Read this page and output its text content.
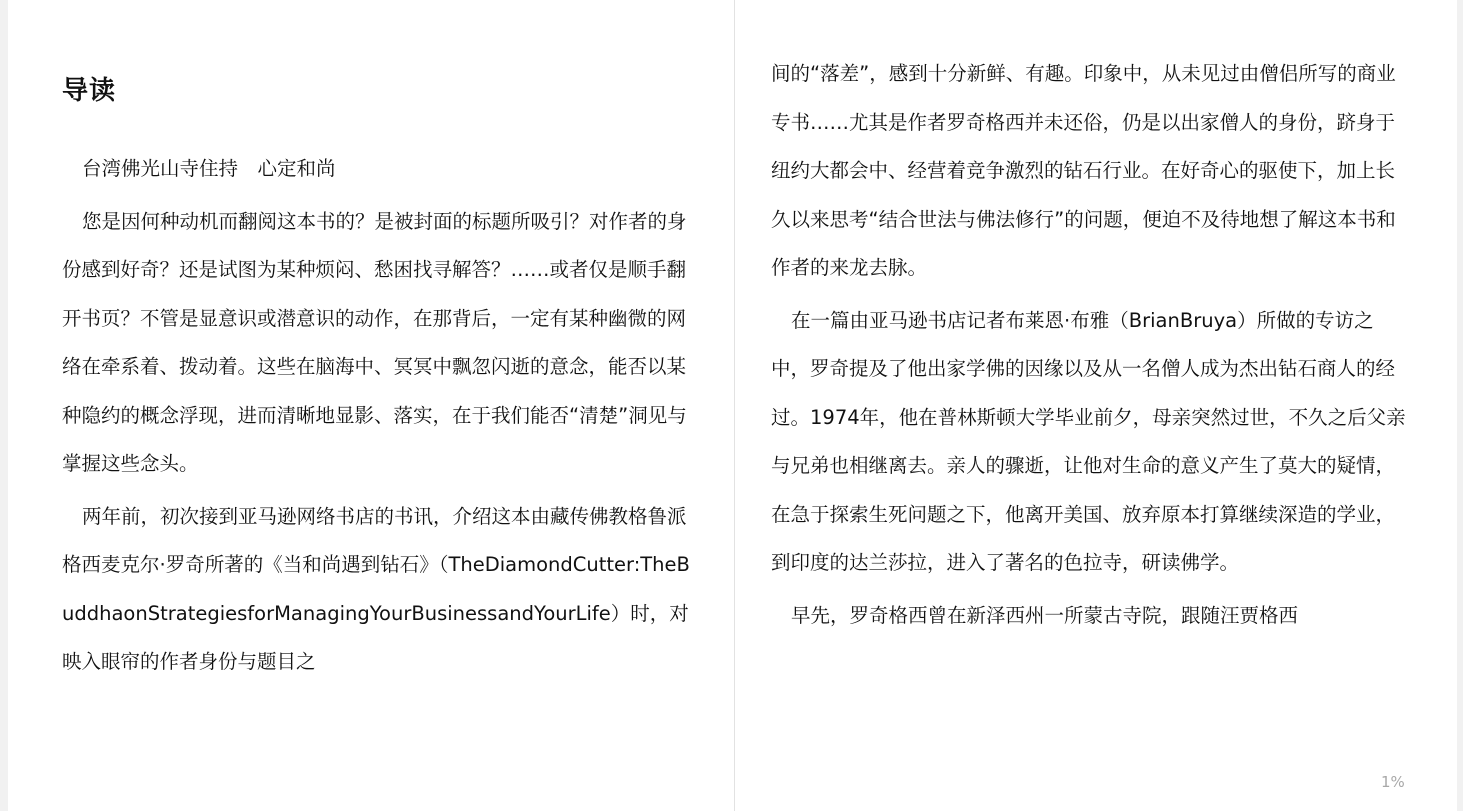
导读

台湾佛光山寺住持　心定和尚

您是因何种动机而翻阅这本书的？是被封面的标题所吸引？对作者的身份感到好奇？还是试图为某种烦闷、愁困找寻解答？……或者仅是顺手翻开书页？不管是显意识或潜意识的动作，在那背后，一定有某种幽微的网络在牵系着、拨动着。这些在脑海中、冥冥中飘忽闪逝的意念，能否以某种隐约的概念浮现，进而清晰地显影、落实，在于我们能否“清楚”洞见与掌握这些念头。

两年前，初次接到亚马逊网络书店的书讯，介绍这本由藏传佛教格鲁派格西麦克尔·罗奇所著的《当和尚遇到钻石》（TheDiamondCutter:TheBuddhaonStrategiesforManagingYourBusinessandYourLife）时，对映入眼帘的作者身份与题目之

间的“落差”，感到十分新鲜、有趣。印象中，从未见过由僧侣所写的商业专书……尤其是作者罗奇格西并未还俗，仍是以出家僧人的身份，跻身于纽约大都会中、经营着竞争激烈的钻石行业。在好奇心的驱使下，加上长久以来思考“结合世法与佛法修行”的问题，便迫不及待地想了解这本书和作者的来龙去脉。

在一篇由亚马逊书店记者布莱恩·布雅（BrianBruya）所做的专访之中，罗奇提及了他出家学佛的因缘以及从一名僧人成为杰出钻石商人的经过。1974年，他在普林斯顿大学毕业前夕，母亲突然过世，不久之后父亲与兄弟也相继离去。亲人的骤逝，让他对生命的意义产生了莫大的疑情，在急于探索生死问题之下，他离开美国、放弃原本打算继续深造的学业，到印度的达兰莎拉，进入了著名的色拉寺，研读佛学。

早先，罗奇格西曾在新泽西州一所蒙古寺院，跟随汪贾格西

1%
